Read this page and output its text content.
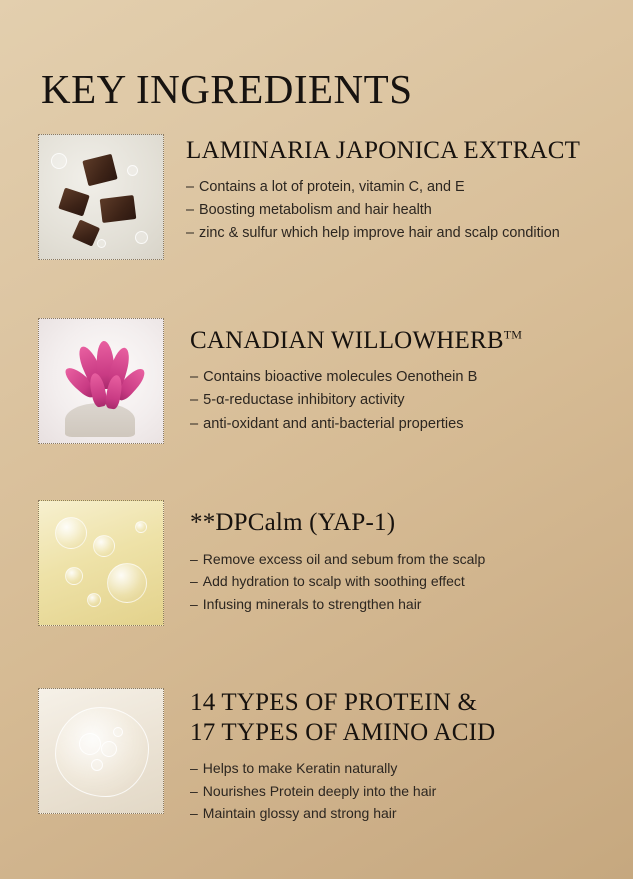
KEY INGREDIENTS
LAMINARIA JAPONICA EXTRACT
– Contains a lot of protein, vitamin C, and E
– Boosting metabolism and hair health
– zinc & sulfur which help improve hair and scalp condition
CANADIAN WILLOWHERB™
– Contains bioactive molecules Oenothein B
– 5-α-reductase inhibitory activity
– anti-oxidant and anti-bacterial properties
**DPCalm (YAP-1)
– Remove excess oil and sebum from the scalp
– Add hydration to scalp with soothing effect
– Infusing minerals to strengthen hair
14 TYPES OF PROTEIN &
17 TYPES OF AMINO ACID
– Helps to make Keratin naturally
– Nourishes Protein deeply into the hair
– Maintain glossy and strong hair
